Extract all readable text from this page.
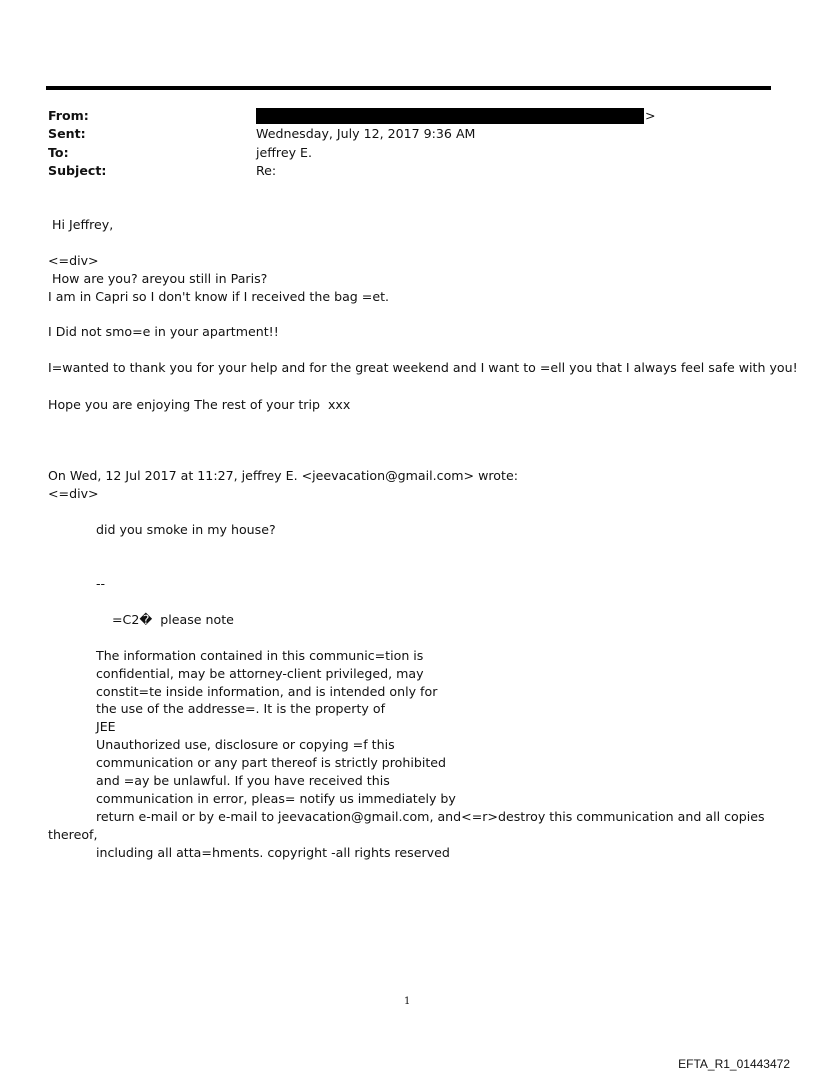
From:	>
Sent:	Wednesday, July 12, 2017 9:36 AM
To:	jeffrey E.
Subject:	Re:
Hi Jeffrey,
<=div>
How are you? areyou still in Paris?
I am in Capri so I don't know if I received the bag =et.
I Did not smo=e in your apartment!!
I=wanted to thank you for your help and for the great weekend and I want to =ell you that I always feel safe with you!
Hope you are enjoying The rest of your trip  xxx
On Wed, 12 Jul 2017 at 11:27, jeffrey E. <jeevacation@gmail.com> wrote:
<=div>
did you smoke in my house?
--
=C2�  please note
The information contained in this communic=tion is
confidential, may be attorney-client privileged, may
constit=te inside information, and is intended only for
the use of the addresse=. It is the property of
JEE
Unauthorized use, disclosure or copying =f this
communication or any part thereof is strictly prohibited
and =ay be unlawful. If you have received this
communication in error, pleas= notify us immediately by
return e-mail or by e-mail to jeevacation@gmail.com, and<=r>destroy this communication and all copies
thereof,
including all atta=hments. copyright -all rights reserved
1
EFTA_R1_01443472
